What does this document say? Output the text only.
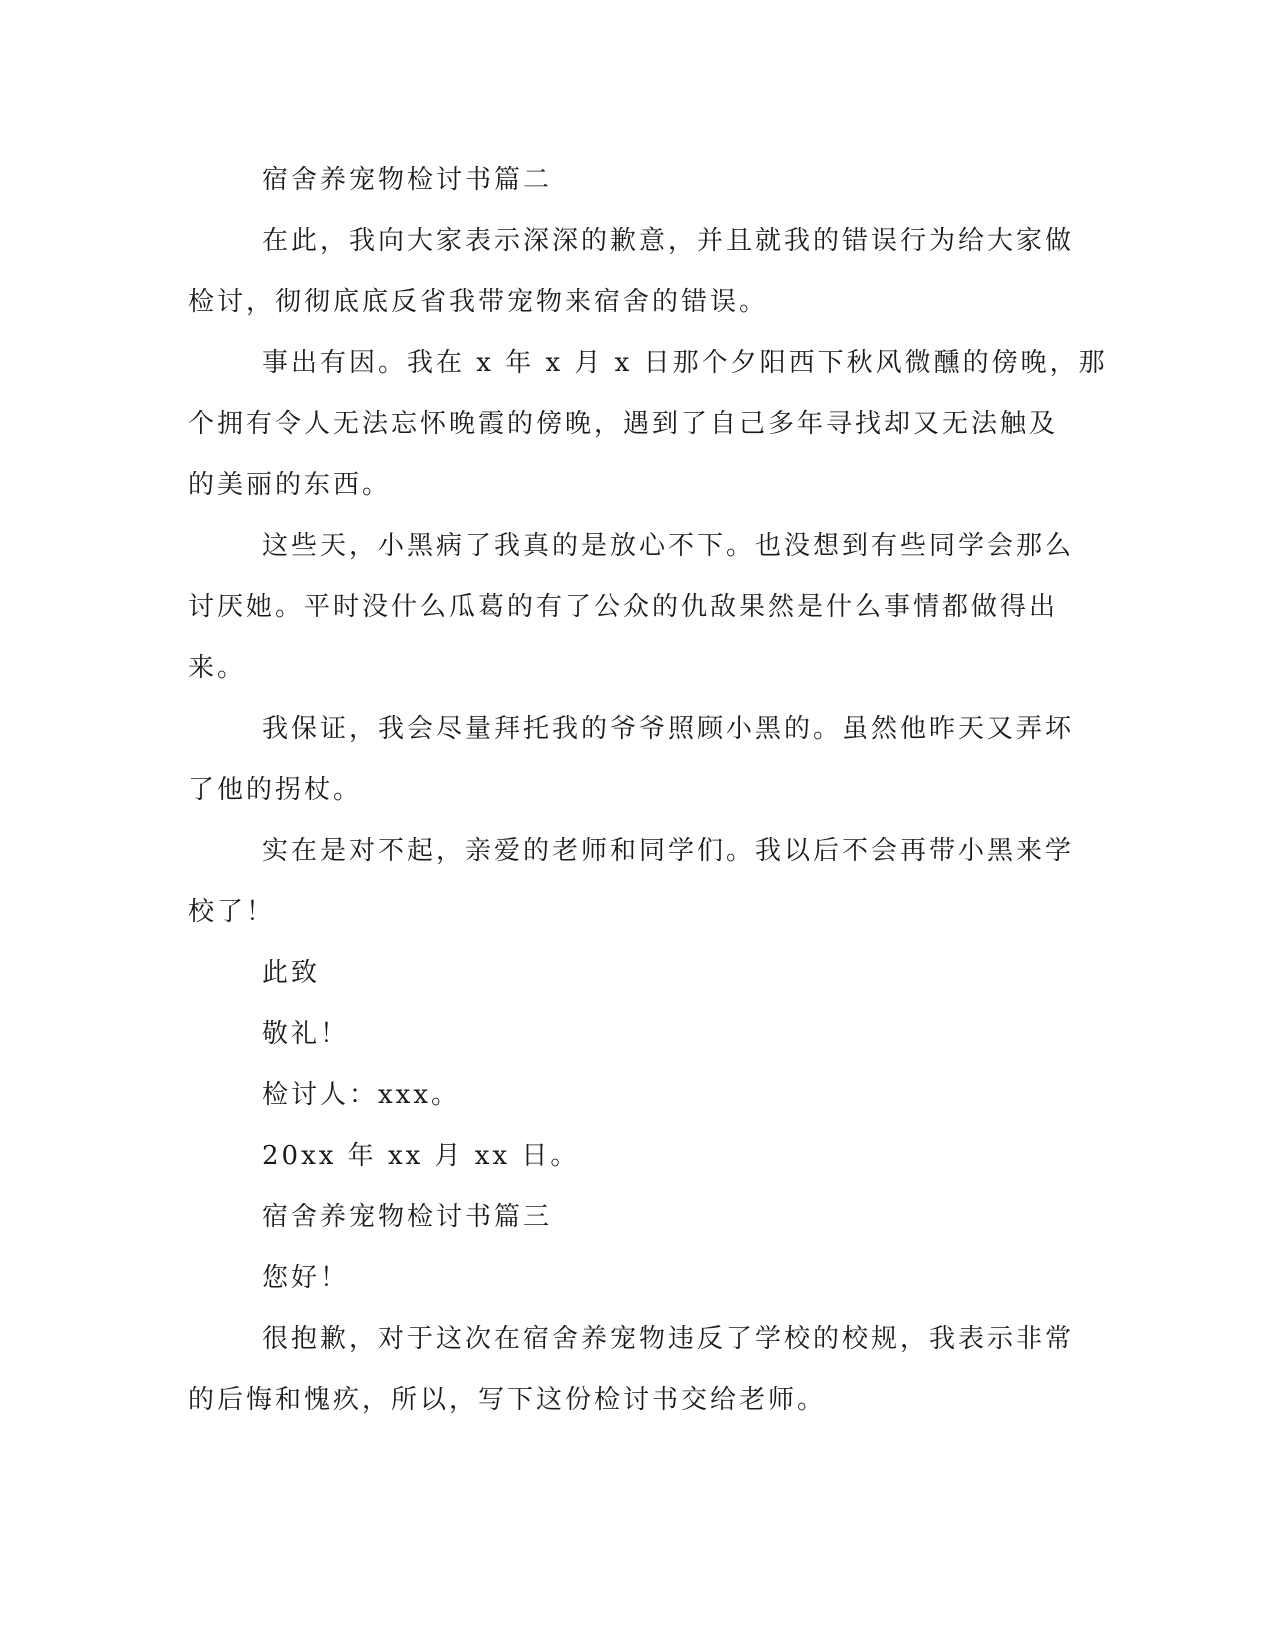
宿舍养宠物检讨书篇二
在此，我向大家表示深深的歉意，并且就我的错误行为给大家做
检讨，彻彻底底反省我带宠物来宿舍的错误。
事出有因。我在 x 年 x 月 x 日那个夕阳西下秋风微醺的傍晚，那
个拥有令人无法忘怀晚霞的傍晚，遇到了自己多年寻找却又无法触及
的美丽的东西。
这些天，小黑病了我真的是放心不下。也没想到有些同学会那么
讨厌她。平时没什么瓜葛的有了公众的仇敌果然是什么事情都做得出
来。
我保证，我会尽量拜托我的爷爷照顾小黑的。虽然他昨天又弄坏
了他的拐杖。
实在是对不起，亲爱的老师和同学们。我以后不会再带小黑来学
校了！
此致
敬礼！
检讨人：xxx。
20xx 年 xx 月 xx 日。
宿舍养宠物检讨书篇三
您好！
很抱歉，对于这次在宿舍养宠物违反了学校的校规，我表示非常
的后悔和愧疚，所以，写下这份检讨书交给老师。
